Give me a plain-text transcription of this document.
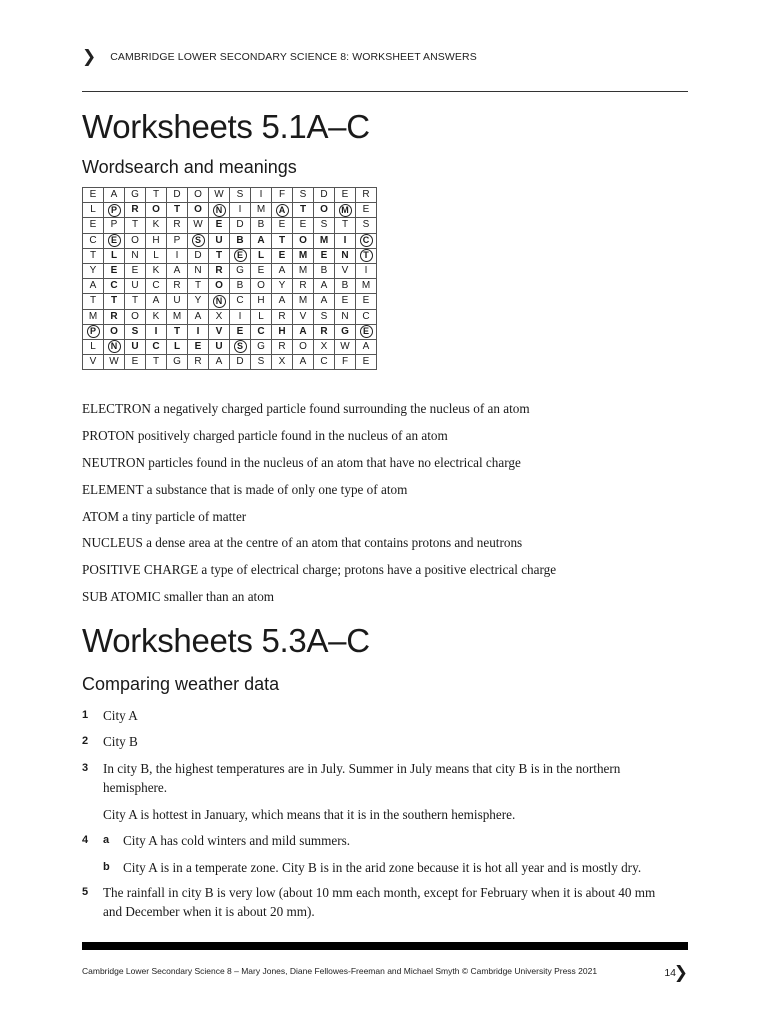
❯ CAMBRIDGE LOWER SECONDARY SCIENCE 8: WORKSHEET ANSWERS
Worksheets 5.1A–C
Wordsearch and meanings
E	A	G	T	D	O	W	S	I	F	S	D	E	R
L	P	R	O	T	O	N	I	M	A	T	O	M	E
E	P	T	K	R	W	E	D	B	E	E	S	T	S
C	E	O	H	P	S	U	B	A	T	O	M	I	C
T	L	N	L	I	D	T	E	L	E	M	E	N	T
Y	E	E	K	A	N	R	G	E	A	M	B	V	I
A	C	U	C	R	T	O	B	O	Y	R	A	B	M
T	T	T	A	U	Y	N	C	H	A	M	A	E	E
M	R	O	K	M	A	X	I	L	R	V	S	N	C
P	O	S	I	T	I	V	E	C	H	A	R	G	E
L	N	U	C	L	E	U	S	G	R	O	X	W	A
V	W	E	T	G	R	A	D	S	X	A	C	F	E
ELECTRON a negatively charged particle found surrounding the nucleus of an atom
PROTON positively charged particle found in the nucleus of an atom
NEUTRON particles found in the nucleus of an atom that have no electrical charge
ELEMENT a substance that is made of only one type of atom
ATOM a tiny particle of matter
NUCLEUS a dense area at the centre of an atom that contains protons and neutrons
POSITIVE CHARGE a type of electrical charge; protons have a positive electrical charge
SUB ATOMIC smaller than an atom
Worksheets 5.3A–C
Comparing weather data
1 City A
2 City B
3 In city B, the highest temperatures are in July. Summer in July means that city B is in the northern hemisphere.
City A is hottest in January, which means that it is in the southern hemisphere.
4 a City A has cold winters and mild summers.
b City A is in a temperate zone. City B is in the arid zone because it is hot all year and is mostly dry.
5 The rainfall in city B is very low (about 10 mm each month, except for February when it is about 40 mm and December when it is about 20 mm).
Cambridge Lower Secondary Science 8 – Mary Jones, Diane Fellowes-Freeman and Michael Smyth © Cambridge University Press 2021	14
❯
